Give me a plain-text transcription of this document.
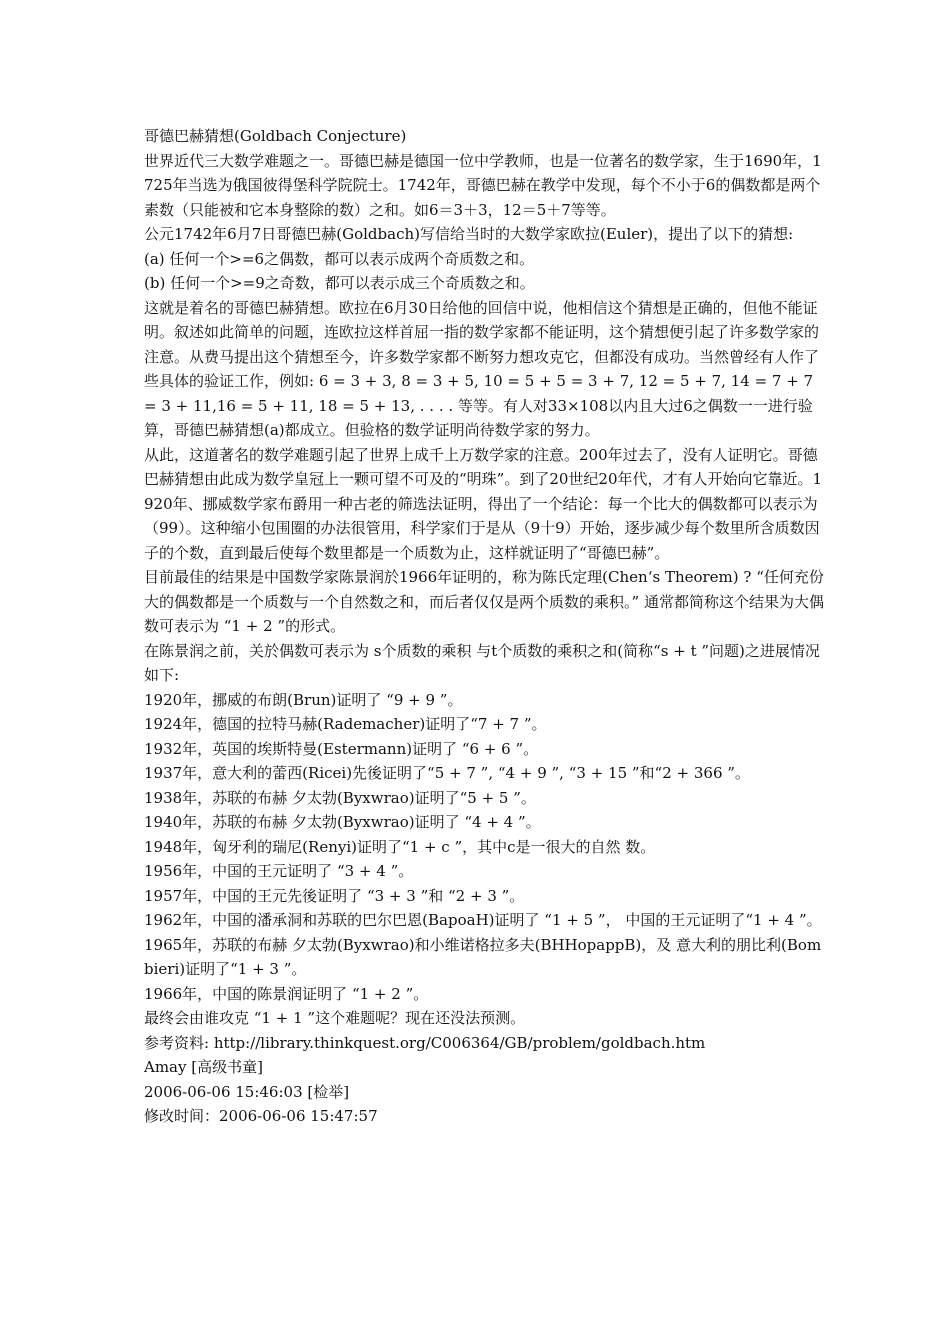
哥德巴赫猜想(Goldbach Conjecture)

世界近代三大数学难题之一。哥德巴赫是德国一位中学教师，也是一位著名的数学家，生于1690年，1725年当选为俄国彼得堡科学院院士。1742年，哥德巴赫在教学中发现，每个不小于6的偶数都是两个素数（只能被和它本身整除的数）之和。如6＝3＋3，12＝5＋7等等。

公元1742年6月7日哥德巴赫(Goldbach)写信给当时的大数学家欧拉(Euler)，提出了以下的猜想:

(a) 任何一个>=6之偶数，都可以表示成两个奇质数之和。

(b) 任何一个>=9之奇数，都可以表示成三个奇质数之和。

这就是着名的哥德巴赫猜想。欧拉在6月30日给他的回信中说，他相信这个猜想是正确的，但他不能证明。叙述如此简单的问题，连欧拉这样首屈一指的数学家都不能证明，这个猜想便引起了许多数学家的注意。从费马提出这个猜想至今，许多数学家都不断努力想攻克它，但都没有成功。当然曾经有人作了些具体的验证工作，例如: 6 = 3 + 3, 8 = 3 + 5, 10 = 5 + 5 = 3 + 7, 12 = 5 + 7, 14 = 7 + 7 = 3 + 11,16 = 5 + 11, 18 = 5 + 13, . . . . 等等。有人对33×108以内且大过6之偶数一一进行验算，哥德巴赫猜想(a)都成立。但验格的数学证明尚待数学家的努力。

从此，这道著名的数学难题引起了世界上成千上万数学家的注意。200年过去了，没有人证明它。哥德巴赫猜想由此成为数学皇冠上一颗可望不可及的“明珠”。到了20世纪20年代，才有人开始向它靠近。1920年、挪威数学家布爵用一种古老的筛选法证明，得出了一个结论：每一个比大的偶数都可以表示为（99）。这种缩小包围圈的办法很管用，科学家们于是从（9十9）开始，逐步减少每个数里所含质数因子的个数，直到最后使每个数里都是一个质数为止，这样就证明了“哥德巴赫”。

目前最佳的结果是中国数学家陈景润於1966年证明的，称为陈氏定理(Chen‘s Theorem) ? “任何充份大的偶数都是一个质数与一个自然数之和，而后者仅仅是两个质数的乘积。” 通常都简称这个结果为大偶数可表示为 “1 + 2 ”的形式。

在陈景润之前，关於偶数可表示为 s个质数的乘积 与t个质数的乘积之和(简称“s + t ”问题)之进展情况如下:

1920年，挪威的布朗(Brun)证明了 “9 + 9 ”。

1924年，德国的拉特马赫(Rademacher)证明了“7 + 7 ”。

1932年，英国的埃斯特曼(Estermann)证明了 “6 + 6 ”。

1937年，意大利的蕾西(Ricei)先後证明了“5 + 7 ”, “4 + 9 ”, “3 + 15 ”和“2 + 366 ”。

1938年，苏联的布赫 夕太勃(Byxwrao)证明了“5 + 5 ”。

1940年，苏联的布赫 夕太勃(Byxwrao)证明了 “4 + 4 ”。

1948年，匈牙利的瑞尼(Renyi)证明了“1 + c ”，其中c是一很大的自然 数。

1956年，中国的王元证明了 “3 + 4 ”。

1957年，中国的王元先後证明了 “3 + 3 ”和 “2 + 3 ”。

1962年，中国的潘承洞和苏联的巴尔巴恩(BapoaH)证明了 “1 + 5 ”， 中国的王元证明了“1 + 4 ”。

1965年，苏联的布赫 夕太勃(Byxwrao)和小维诺格拉多夫(BHHopappB)，及 意大利的朋比利(Bombieri)证明了“1 + 3 ”。

1966年，中国的陈景润证明了 “1 + 2 ”。

最终会由谁攻克 “1 + 1 ”这个难题呢？现在还没法预测。

参考资料: http://library.thinkquest.org/C006364/GB/problem/goldbach.htm

Amay [高级书童]

2006-06-06 15:46:03 [检举]

修改时间：2006-06-06 15:47:57
